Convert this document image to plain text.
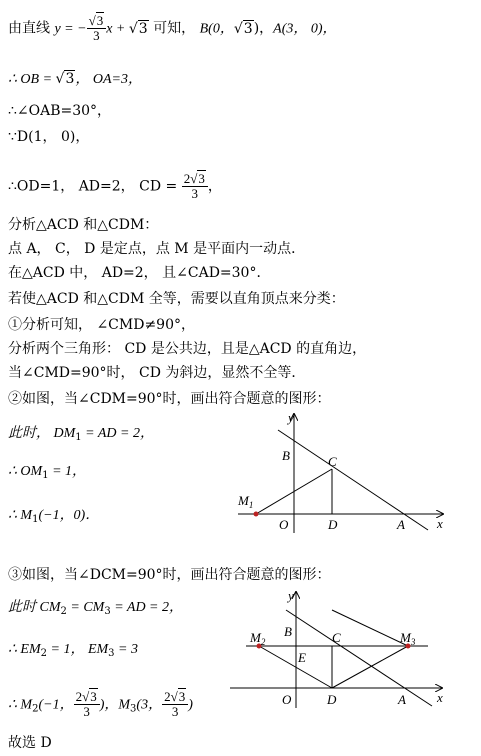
由直线 y = − $\frac{√3}{3}$ x + √3 可知， B(0，√3)，A(3， 0)，
∴ OB = √3， OA=3，
∴∠OAB=30°，
∵D(1， 0)，
∴OD=1， AD=2， CD = $\frac{2√3}{3}$ ，
分析△ACD 和△CDM：
点 A， C， D 是定点，点 M 是平面内一动点．
在△ACD 中， AD=2， 且∠CAD=30°．
若使△ACD 和△CDM 全等，需要以直角顶点来分类：
①分析可知， ∠CMD≠90°，
分析两个三角形： CD 是公共边，且是△ACD 的直角边，
当∠CMD=90°时， CD 为斜边，显然不全等．
②如图，当∠CDM=90°时，画出符合题意的图形：
此时， $DM_1$ = AD = 2，
∴ $OM_1 = 1$，
∴ $M_1(-1$，0)．
y
x
B	C
$M_1$
O	D	A
③如图，当∠DCM=90°时，画出符合题意的图形：
此时 $CM_2 = CM_3$ = AD = 2，
∴ $EM_2 = 1$， $EM_3 = 3$
∴ $M_2(-1$， $\frac{2√3}{3}$ )，$M_3(3$， $\frac{2√3}{3}$ )
故选 D
y
x
B	C
E
$M_2$	$M_3$
O	D	A
